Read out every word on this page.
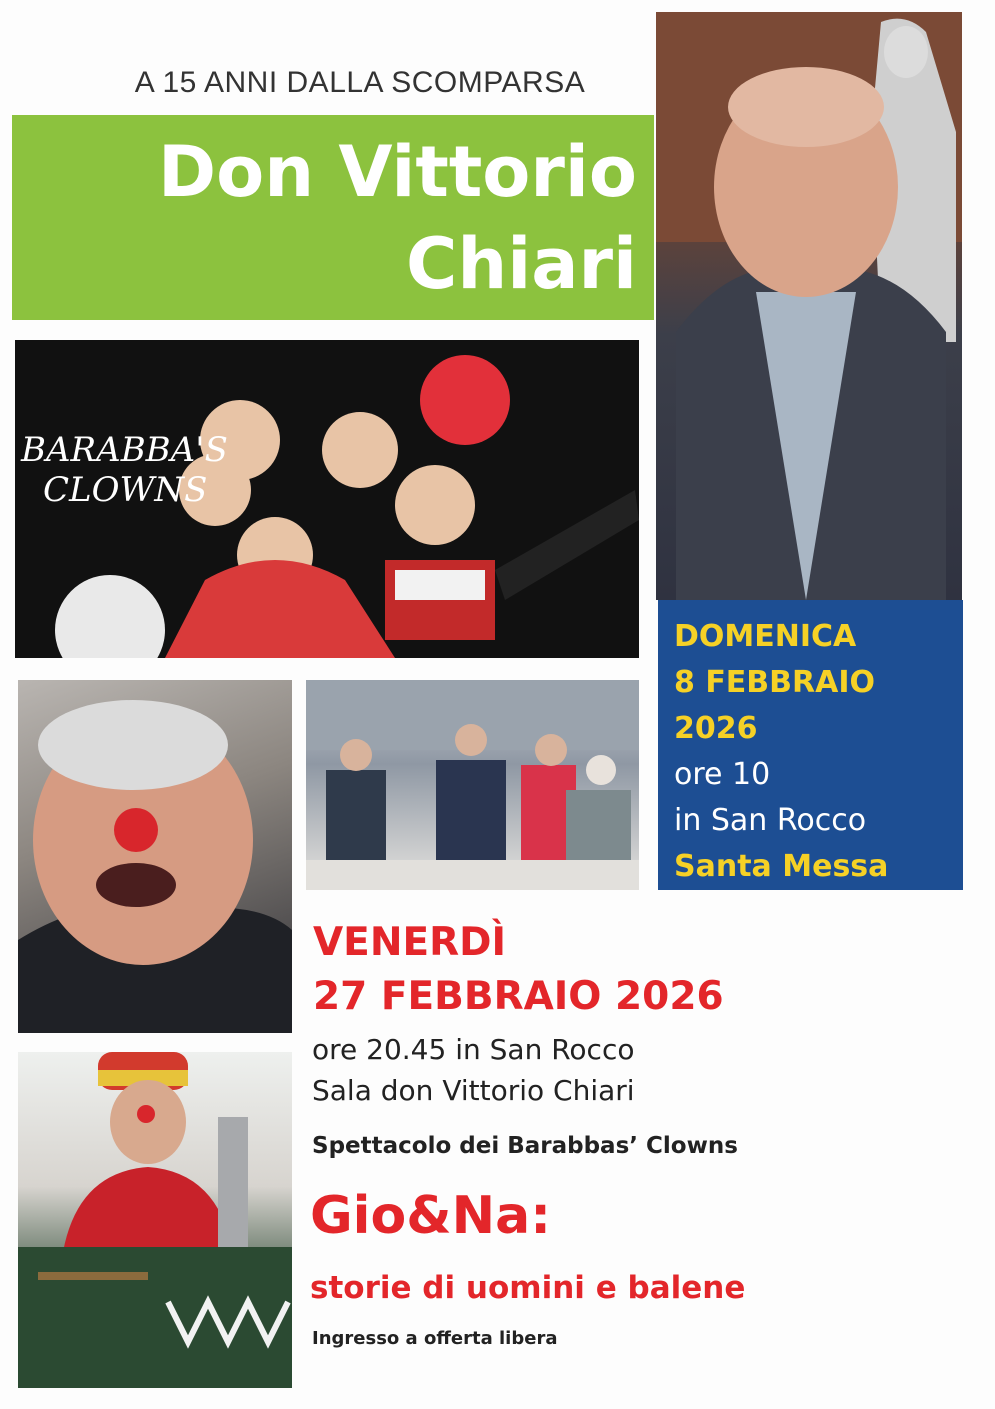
A 15 ANNI DALLA SCOMPARSA
Don Vittorio
Chiari
BARABBA'S
CLOWNS
DOMENICA
8 FEBBRAIO
2026
ore 10
in San Rocco
Santa Messa
VENERDÌ
27 FEBBRAIO 2026
ore 20.45 in San Rocco
Sala don Vittorio Chiari
Spettacolo dei Barabbas’ Clowns
Gio&Na:
storie di uomini e balene
Ingresso a offerta libera
